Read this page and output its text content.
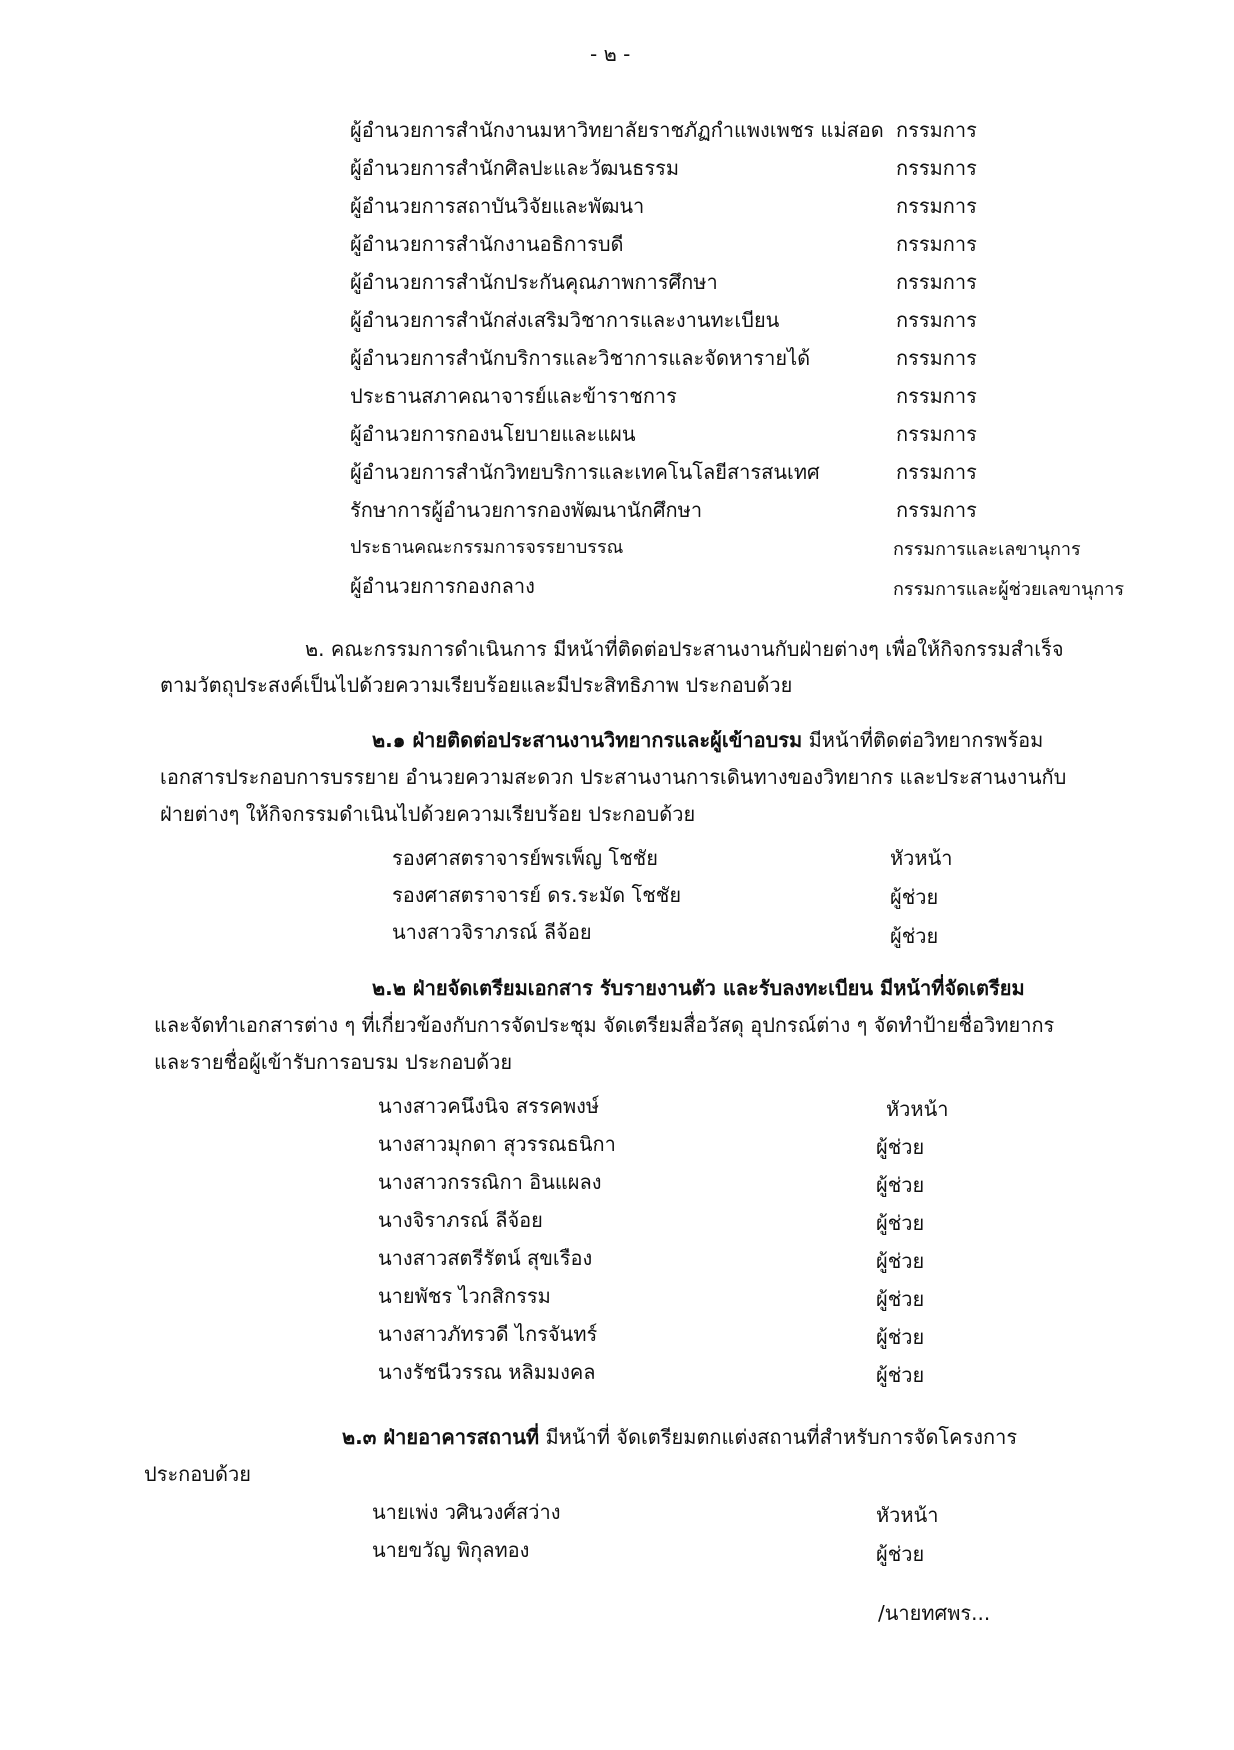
- ๒ -
ผู้อำนวยการสำนักงานมหาวิทยาลัยราชภัฏกำแพงเพชร แม่สอด กรรมการ
ผู้อำนวยการสำนักศิลปะและวัฒนธรรม	กรรมการ
ผู้อำนวยการสถาบันวิจัยและพัฒนา	กรรมการ
ผู้อำนวยการสำนักงานอธิการบดี	กรรมการ
ผู้อำนวยการสำนักประกันคุณภาพการศึกษา	กรรมการ
ผู้อำนวยการสำนักส่งเสริมวิชาการและงานทะเบียน	กรรมการ
ผู้อำนวยการสำนักบริการและวิชาการและจัดหารายได้	กรรมการ
ประธานสภาคณาจารย์และข้าราชการ	กรรมการ
ผู้อำนวยการกองนโยบายและแผน	กรรมการ
ผู้อำนวยการสำนักวิทยบริการและเทคโนโลยีสารสนเทศ	กรรมการ
รักษาการผู้อำนวยการกองพัฒนานักศึกษา	กรรมการ
ประธานคณะกรรมการจรรยาบรรณ	กรรมการและเลขานุการ
ผู้อำนวยการกองกลาง	กรรมการและผู้ช่วยเลขานุการ
๒. คณะกรรมการดำเนินการ มีหน้าที่ติดต่อประสานงานกับฝ่ายต่างๆ เพื่อให้กิจกรรมสำเร็จ
ตามวัตถุประสงค์เป็นไปด้วยความเรียบร้อยและมีประสิทธิภาพ ประกอบด้วย
๒.๑ ฝ่ายติดต่อประสานงานวิทยากรและผู้เข้าอบรม มีหน้าที่ติดต่อวิทยากรพร้อม
เอกสารประกอบการบรรยาย อำนวยความสะดวก ประสานงานการเดินทางของวิทยากร และประสานงานกับ
ฝ่ายต่างๆ ให้กิจกรรมดำเนินไปด้วยความเรียบร้อย ประกอบด้วย
รองศาสตราจารย์พรเพ็ญ โชชัย	หัวหน้า
รองศาสตราจารย์ ดร.ระมัด โชชัย	ผู้ช่วย
นางสาวจิราภรณ์ ลีจ้อย	ผู้ช่วย
๒.๒ ฝ่ายจัดเตรียมเอกสาร รับรายงานตัว และรับลงทะเบียน มีหน้าที่จัดเตรียม
และจัดทำเอกสารต่าง ๆ ที่เกี่ยวข้องกับการจัดประชุม จัดเตรียมสื่อวัสดุ อุปกรณ์ต่าง ๆ จัดทำป้ายชื่อวิทยากร
และรายชื่อผู้เข้ารับการอบรม ประกอบด้วย
นางสาวคนึงนิจ สรรคพงษ์	หัวหน้า
นางสาวมุกดา สุวรรณธนิกา	ผู้ช่วย
นางสาวกรรณิกา อินแผลง	ผู้ช่วย
นางจิราภรณ์ ลีจ้อย	ผู้ช่วย
นางสาวสตรีรัตน์ สุขเรือง	ผู้ช่วย
นายพัชร ไวกสิกรรม	ผู้ช่วย
นางสาวภัทรวดี ไกรจันทร์	ผู้ช่วย
นางรัชนีวรรณ หลิมมงคล	ผู้ช่วย
๒.๓ ฝ่ายอาคารสถานที่ มีหน้าที่ จัดเตรียมตกแต่งสถานที่สำหรับการจัดโครงการ
ประกอบด้วย
นายเพ่ง วศินวงศ์สว่าง	หัวหน้า
นายขวัญ พิกุลทอง	ผู้ช่วย
/นายทศพร...
